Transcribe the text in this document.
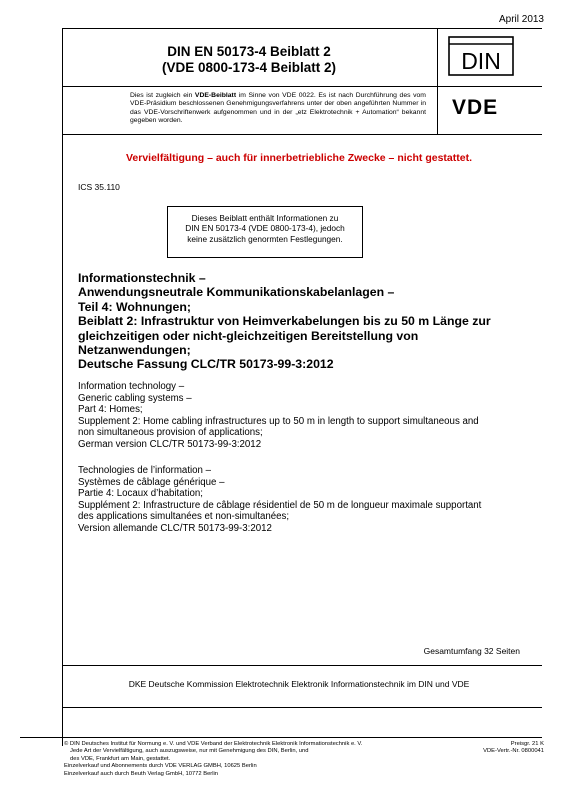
April 2013
DIN EN 50173-4 Beiblatt 2
(VDE 0800-173-4 Beiblatt 2)	DIN
VDE
Dies ist zugleich ein VDE-Beiblatt im Sinne von VDE 0022. Es ist nach Durchführung des vom VDE-Präsidium beschlossenen Genehmigungsverfahrens unter der oben angeführten Nummer in das VDE-Vorschriftenwerk aufgenommen und in der „etz Elektrotechnik + Automation“ bekannt gegeben worden.
Vervielfältigung – auch für innerbetriebliche Zwecke – nicht gestattet.
ICS 35.110
Dieses Beiblatt enthält Informationen zu
DIN EN 50173-4 (VDE 0800-173-4), jedoch
keine zusätzlich genormten Festlegungen.
Informationstechnik –
Anwendungsneutrale Kommunikationskabelanlagen –
Teil 4: Wohnungen;
Beiblatt 2: Infrastruktur von Heimverkabelungen bis zu 50 m Länge zur
gleichzeitigen oder nicht-gleichzeitigen Bereitstellung von
Netzanwendungen;
Deutsche Fassung CLC/TR 50173-99-3:2012
Information technology –
Generic cabling systems –
Part 4: Homes;
Supplement 2: Home cabling infrastructures up to 50 m in length to support simultaneous and
non simultaneous provision of applications;
German version CLC/TR 50173-99-3:2012
Technologies de l’information –
Systèmes de câblage générique –
Partie 4: Locaux d’habitation;
Supplément 2: Infrastructure de câblage résidentiel de 50 m de longueur maximale supportant
des applications simultanées et non-simultanées;
Version allemande CLC/TR 50173-99-3:2012
Gesamtumfang 32 Seiten
DKE Deutsche Kommission Elektrotechnik Elektronik Informationstechnik im DIN und VDE
© DIN Deutsches Institut für Normung e. V. und VDE Verband der Elektrotechnik Elektronik Informationstechnik e. V.
Jede Art der Vervielfältigung, auch auszugsweise, nur mit Genehmigung des DIN, Berlin, und
des VDE, Frankfurt am Main, gestattet.
Einzelverkauf und Abonnements durch VDE VERLAG GMBH, 10625 Berlin
Einzelverkauf auch durch Beuth Verlag GmbH, 10772 Berlin
Preisgr. 21 K
VDE-Vertr.-Nr. 0800041
